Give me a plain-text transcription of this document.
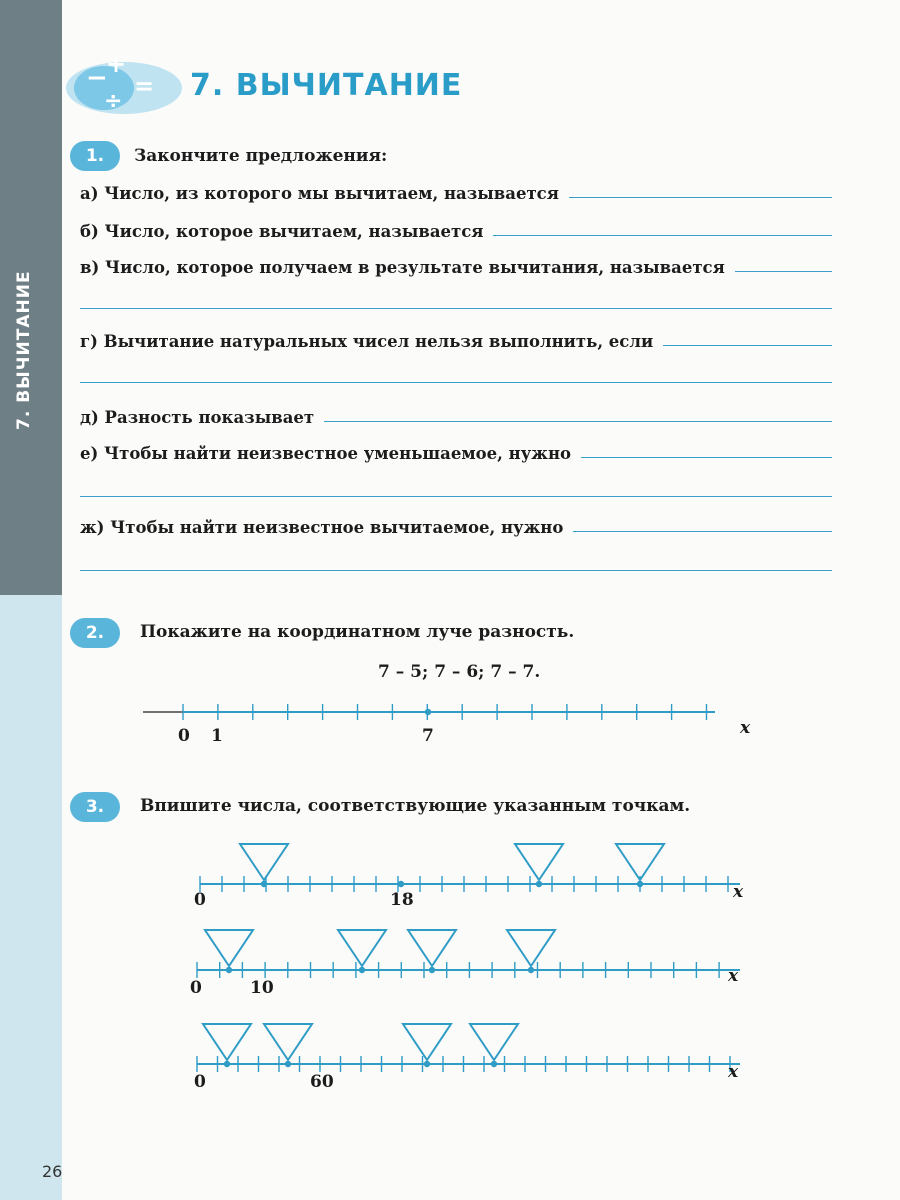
7. ВЫЧИТАНИЕ
26
−
+
=
÷ 7. ВЫЧИТАНИЕ
1.	Закончите предложения:
а) Число, из которого мы вычитаем, называется
б) Число, которое вычитаем, называется
в) Число, которое получаем в результате вычитания, называется
г) Вычитание натуральных чисел нельзя выполнить, если
д) Разность показывает
е) Чтобы найти неизвестное уменьшаемое, нужно
ж) Чтобы найти неизвестное вычитаемое, нужно
2.	Покажите на координатном луче разность.
7 – 5; 7 – 6; 7 – 7.
0 1	7	x
3.	Впишите числа, соответствующие указанным точкам.
0	18	x
0	10
x
0	60	x
